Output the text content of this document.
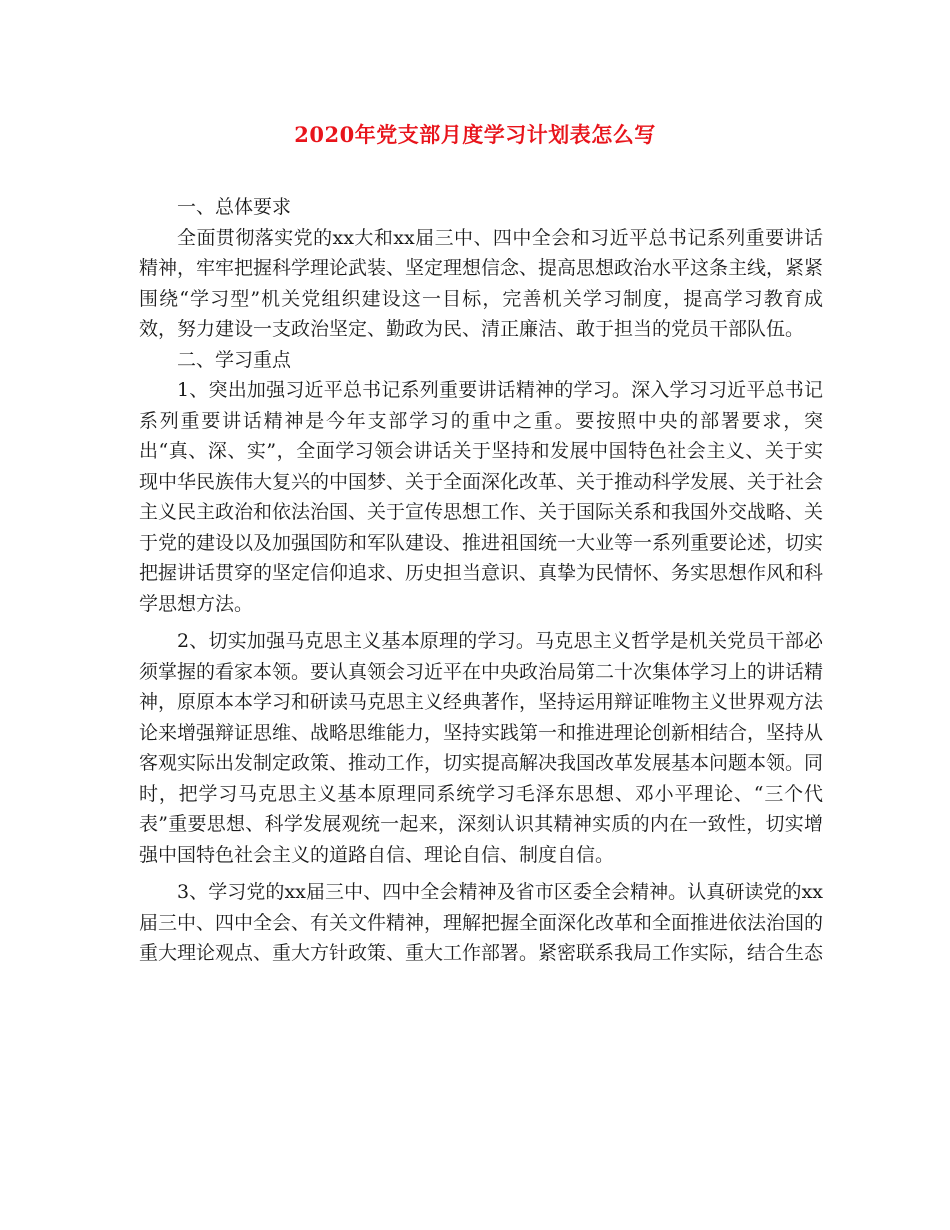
2020年党支部月度学习计划表怎么写

一、总体要求

全面贯彻落实党的xx大和xx届三中、四中全会和习近平总书记系列重要讲话精神，牢牢把握科学理论武装、坚定理想信念、提高思想政治水平这条主线，紧紧围绕“学习型”机关党组织建设这一目标，完善机关学习制度，提高学习教育成效，努力建设一支政治坚定、勤政为民、清正廉洁、敢于担当的党员干部队伍。

二、学习重点

1、突出加强习近平总书记系列重要讲话精神的学习。深入学习习近平总书记系列重要讲话精神是今年支部学习的重中之重。要按照中央的部署要求，突出“真、深、实”，全面学习领会讲话关于坚持和发展中国特色社会主义、关于实现中华民族伟大复兴的中国梦、关于全面深化改革、关于推动科学发展、关于社会主义民主政治和依法治国、关于宣传思想工作、关于国际关系和我国外交战略、关于党的建设以及加强国防和军队建设、推进祖国统一大业等一系列重要论述，切实把握讲话贯穿的坚定信仰追求、历史担当意识、真挚为民情怀、务实思想作风和科学思想方法。

2、切实加强马克思主义基本原理的学习。马克思主义哲学是机关党员干部必须掌握的看家本领。要认真领会习近平在中央政治局第二十次集体学习上的讲话精神，原原本本学习和研读马克思主义经典著作，坚持运用辩证唯物主义世界观方法论来增强辩证思维、战略思维能力，坚持实践第一和推进理论创新相结合，坚持从客观实际出发制定政策、推动工作，切实提高解决我国改革发展基本问题本领。同时，把学习马克思主义基本原理同系统学习毛泽东思想、邓小平理论、“三个代表”重要思想、科学发展观统一起来，深刻认识其精神实质的内在一致性，切实增强中国特色社会主义的道路自信、理论自信、制度自信。

3、学习党的xx届三中、四中全会精神及省市区委全会精神。认真研读党的xx届三中、四中全会、有关文件精神，理解把握全面深化改革和全面推进依法治国的重大理论观点、重大方针政策、重大工作部署。紧密联系我局工作实际，结合生态
